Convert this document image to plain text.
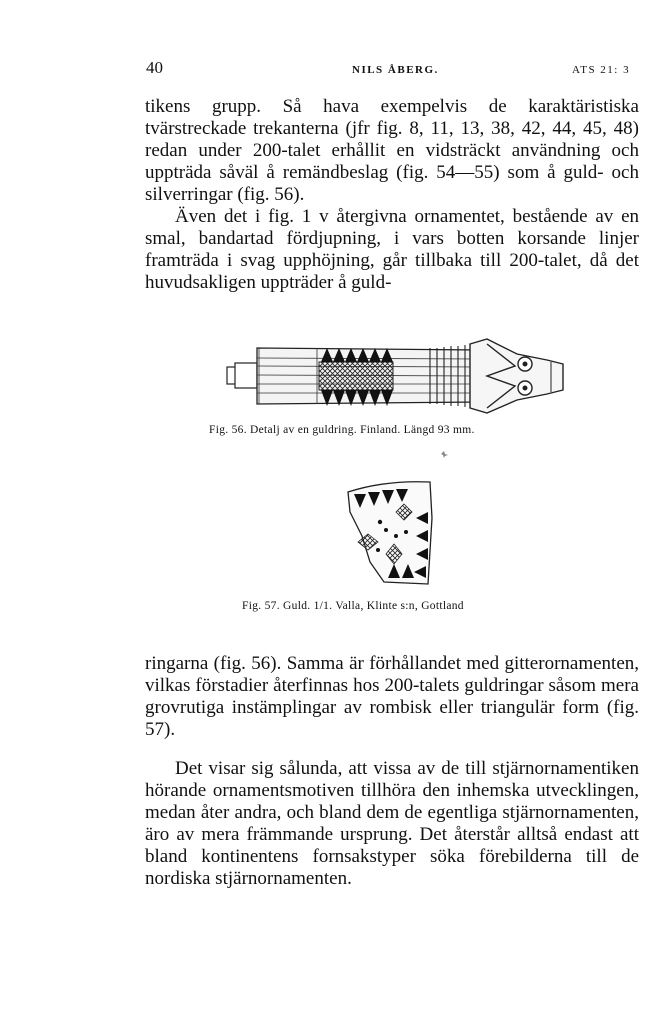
40	NILS ÅBERG.	ATS 21: 3
tikens grupp. Så hava exempelvis de karaktäristiska tvärstreckade trekanterna (jfr fig. 8, 11, 13, 38, 42, 44, 45, 48) redan under 200-talet erhållit en vidsträckt användning och uppträda såväl å remändbeslag (fig. 54—55) som å guld- och silverringar (fig. 56).
Även det i fig. 1 v återgivna ornamentet, bestående av en smal, bandartad fördjupning, i vars botten korsande linjer framträda i svag upphöjning, går tillbaka till 200-talet, då det huvudsakligen uppträder å guld-
Fig. 56. Detalj av en guldring. Finland. Längd 93 mm.
Fig. 57. Guld. 1/1. Valla, Klinte s:n, Gottland
ringarna (fig. 56). Samma är förhållandet med gitterornamenten, vilkas förstadier återfinnas hos 200-talets guldringar såsom mera grovrutiga instämplingar av rombisk eller triangulär form (fig. 57).
Det visar sig sålunda, att vissa av de till stjärnornamentiken hörande ornamentsmotiven tillhöra den inhemska utvecklingen, medan åter andra, och bland dem de egentliga stjärnornamenten, äro av mera främmande ursprung. Det återstår alltså endast att bland kontinentens fornsakstyper söka förebilderna till de nordiska stjärnornamenten.
